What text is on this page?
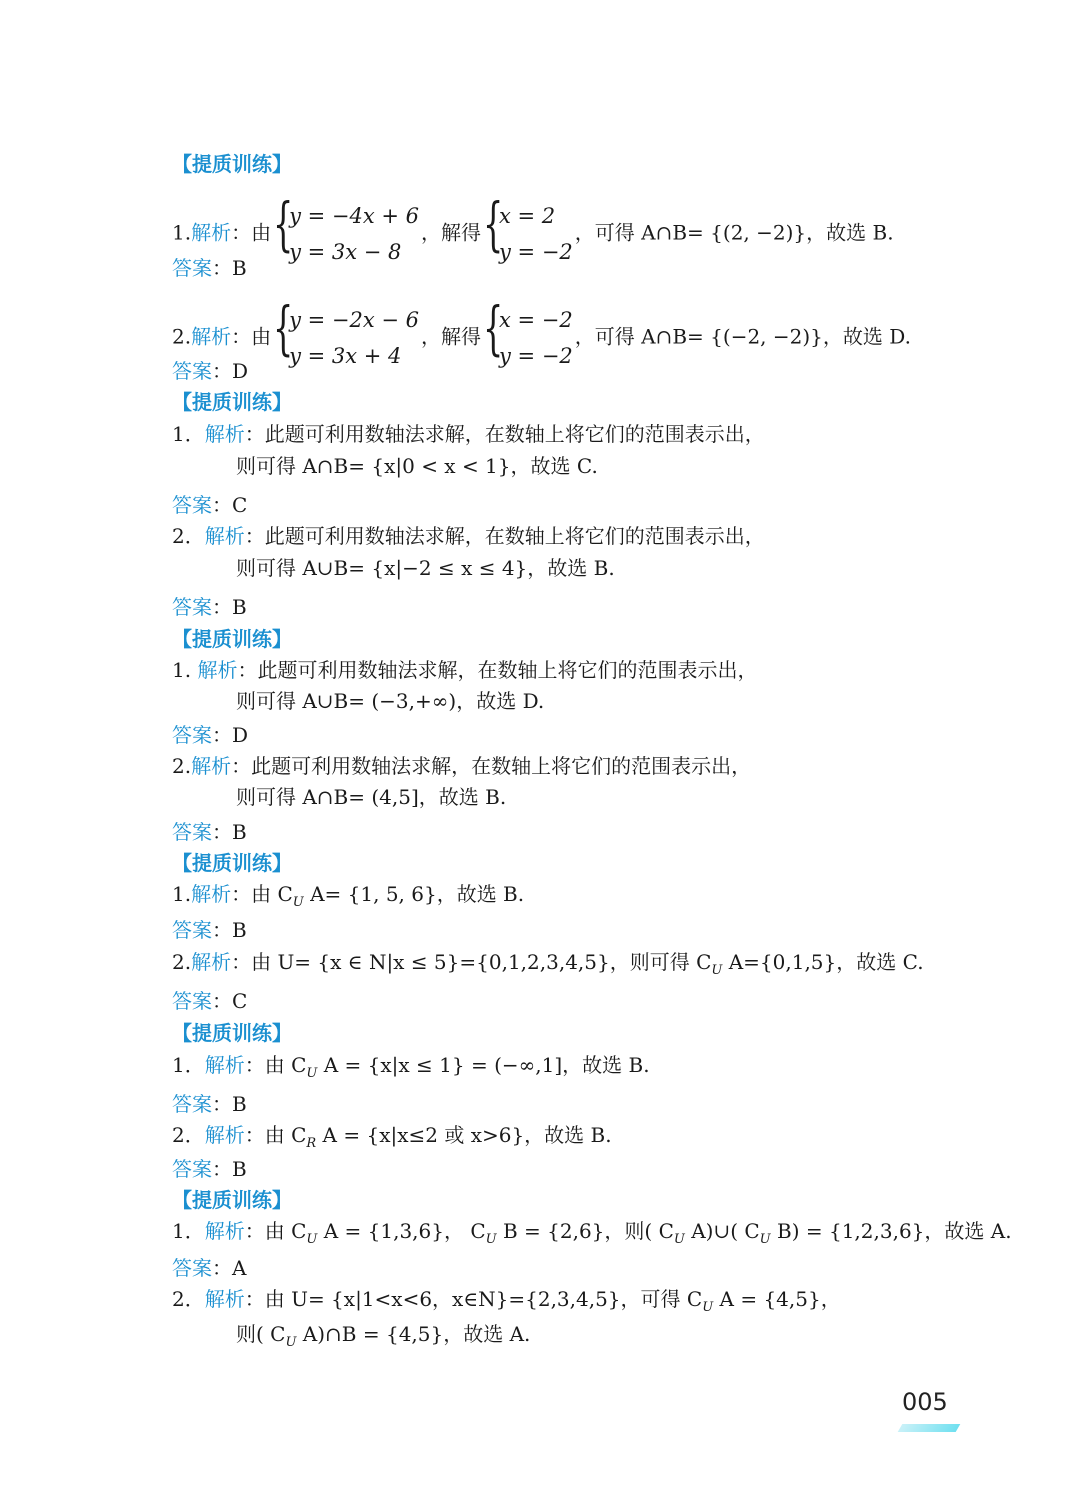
【提质训练】
1.解析：由 {
y = −4x + 6
y = 3x − 8
，解得 {
x = 2
y = −2
，可得 A∩B= {(2, −2)}，故选 B.
答案：B
2.解析：由 {
y = −2x − 6
y = 3x + 4
，解得 {
x = −2
y = −2
，可得 A∩B= {(−2, −2)}，故选 D.
答案：D
【提质训练】
1．解析：此题可利用数轴法求解，在数轴上将它们的范围表示出，
则可得 A∩B= {x|0 < x < 1}，故选 C.
答案：C
2．解析：此题可利用数轴法求解，在数轴上将它们的范围表示出，
则可得 A∪B= {x|−2 ≤ x ≤ 4}，故选 B.
答案：B
【提质训练】
1. 解析：此题可利用数轴法求解，在数轴上将它们的范围表示出，
则可得 A∪B= (−3,+∞)，故选 D.
答案：D
2.解析：此题可利用数轴法求解，在数轴上将它们的范围表示出，
则可得 A∩B= (4,5]，故选 B.
答案：B
【提质训练】
1.解析：由 $C_U$ A= {1, 5, 6}，故选 B.
答案：B
2.解析：由 U= {x ∈ N|x ≤ 5}={0,1,2,3,4,5}，则可得 $C_U$ A={0,1,5}，故选 C.
答案：C
【提质训练】
1．解析：由 $C_U$ A = {x|x ≤ 1} = (−∞,1]，故选 B.
答案：B
2．解析：由 $C_R$ A = {x|x≤2 或 x>6}，故选 B.
答案：B
【提质训练】
1．解析：由 $C_U$ A = {1,3,6}， $C_U$ B = {2,6}，则( $C_U$ A)∪( $C_U$ B) = {1,2,3,6}，故选 A.
答案：A
2．解析：由 U= {x|1<x<6，x∈N}={2,3,4,5}，可得 $C_U$ A = {4,5}，
则( $C_U$ A)∩B = {4,5}，故选 A.
005
